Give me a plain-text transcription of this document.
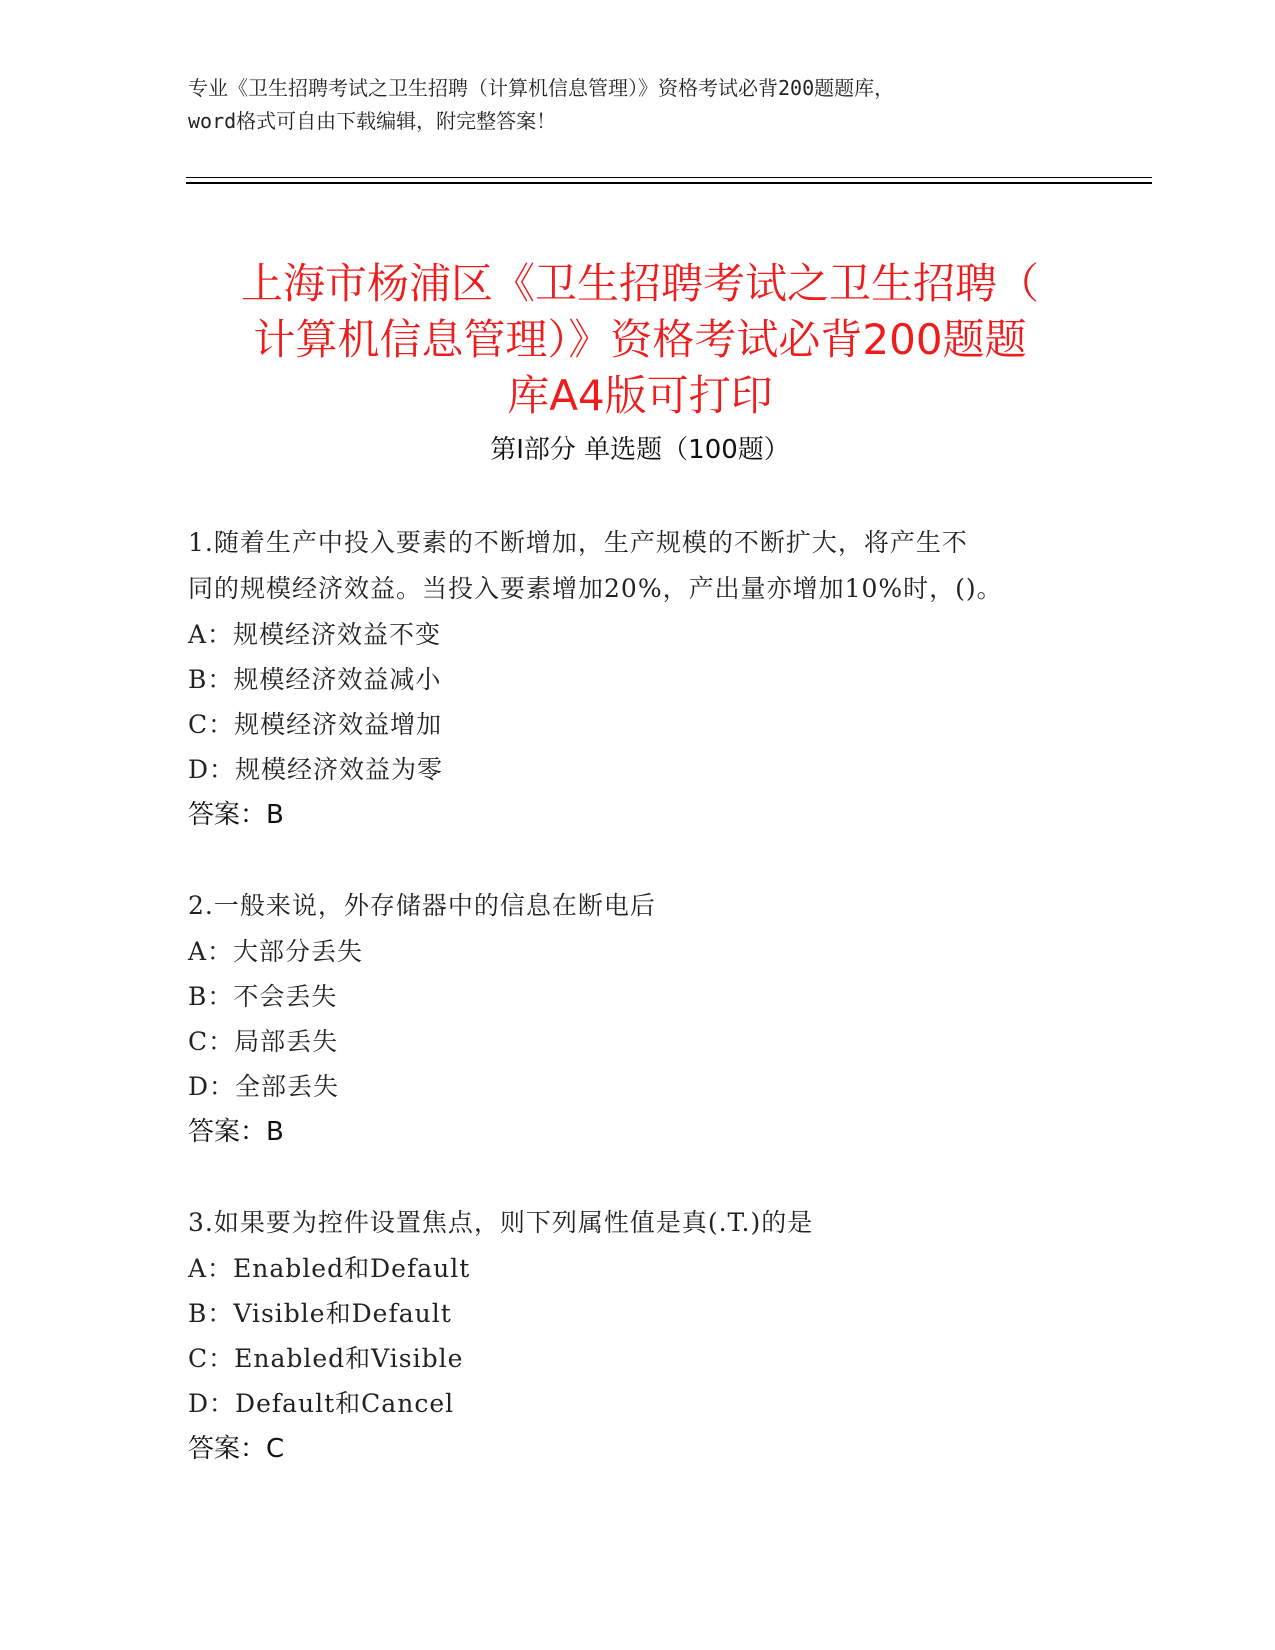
专业《卫生招聘考试之卫生招聘（计算机信息管理）》资格考试必背200题题库，
word格式可自由下载编辑，附完整答案！
上海市杨浦区《卫生招聘考试之卫生招聘（
计算机信息管理）》资格考试必背200题题
库A4版可打印
第Ⅰ部分 单选题（100题）
1.随着生产中投入要素的不断增加，生产规模的不断扩大，将产生不
同的规模经济效益。当投入要素增加20%，产出量亦增加10%时，()。
A：规模经济效益不变
B：规模经济效益减小
C：规模经济效益增加
D：规模经济效益为零
答案：B
2.一般来说，外存储器中的信息在断电后
A：大部分丢失
B：不会丢失
C：局部丢失
D：全部丢失
答案：B
3.如果要为控件设置焦点，则下列属性值是真(.T.)的是
A：Enabled和Default
B：Visible和Default
C：Enabled和Visible
D：Default和Cancel
答案：C
